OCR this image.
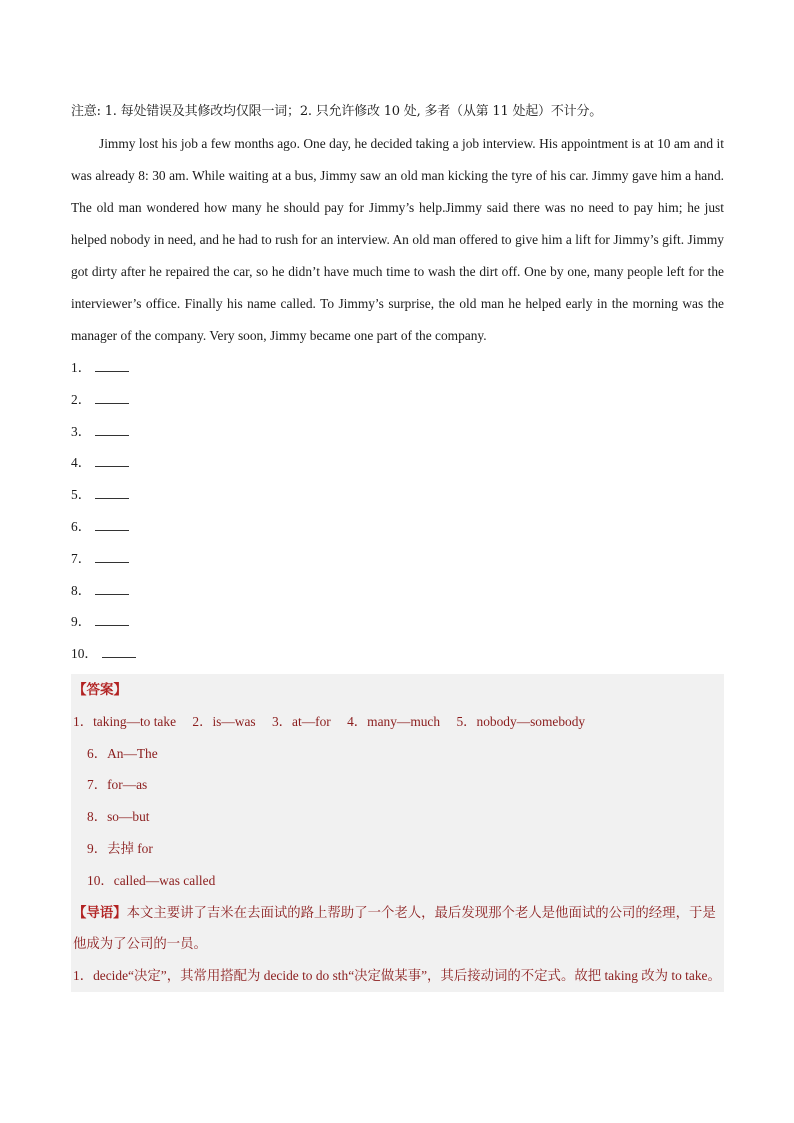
注意: 1. 每处错误及其修改均仅限一词；2. 只允许修改 10 处, 多者（从第 11 处起）不计分。

Jimmy lost his job a few months ago. One day, he decided taking a job interview. His appointment is at 10 am and it was already 8: 30 am. While waiting at a bus, Jimmy saw an old man kicking the tyre of his car. Jimmy gave him a hand. The old man wondered how many he should pay for Jimmy’s help.Jimmy said there was no need to pay him; he just helped nobody in need, and he had to rush for an interview. An old man offered to give him a lift for Jimmy’s gift. Jimmy got dirty after he repaired the car, so he didn’t have much time to wash the dirt off. One by one, many people left for the interviewer’s office. Finally his name called. To Jimmy’s surprise, the old man he helped early in the morning was the manager of the company. Very soon, Jimmy became one part of the company.

1．
2．
3．
4．
5．
6．
7．
8．
9．
10．
【答案】
1．taking—to take 2．is—was 3．at—for 4．many—much 5．nobody—somebody
6．An—The
7．for—as
8．so—but
9．去掉 for
10．called—was called
【导语】本文主要讲了吉米在去面试的路上帮助了一个老人，最后发现那个老人是他面试的公司的经理，于是他成为了公司的一员。
1．decide“决定”，其常用搭配为 decide to do sth“决定做某事”，其后接动词的不定式。故把 taking 改为 to take。
